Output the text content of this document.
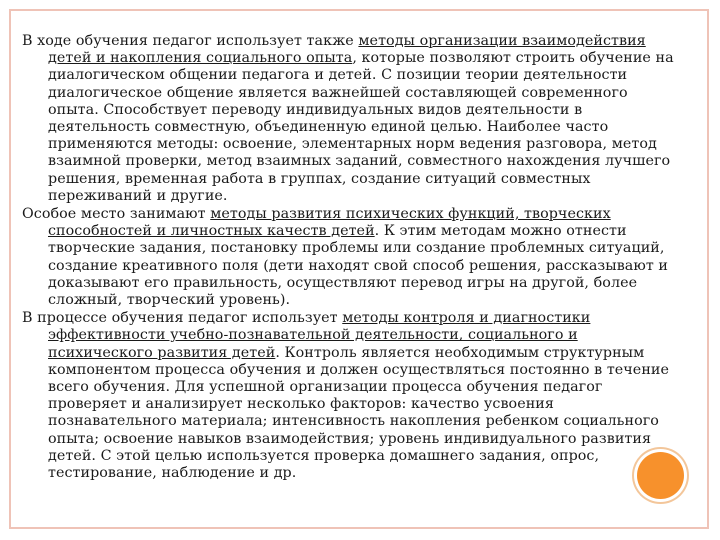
В ходе обучения педагог использует также методы организации взаимодействия детей и накопления социального опыта, которые позволяют строить обучение на диалогическом общении педагога и детей. С позиции теории деятельности диалогическое общение является важнейшей составляющей современного опыта. Способствует переводу индивидуальных видов деятельности в деятельность совместную, объединенную единой целью. Наиболее часто применяются методы: освоение, элементарных норм ведения разговора, метод взаимной проверки, метод взаимных заданий, совместного нахождения лучшего решения, временная работа в группах, создание ситуаций совместных переживаний и другие.

Особое место занимают методы развития психических функций, творческих способностей и личностных качеств детей. К этим методам можно отнести творческие задания, постановку проблемы или создание проблемных ситуаций, создание креативного поля (дети находят свой способ решения, рассказывают и доказывают его правильность, осуществляют перевод игры на другой, более сложный, творческий уровень).

В процессе обучения педагог использует методы контроля и диагностики эффективности учебно-познавательной деятельности, социального и психического развития детей. Контроль является необходимым структурным компонентом процесса обучения и должен осуществляться постоянно в течение всего обучения. Для успешной организации процесса обучения педагог проверяет и анализирует несколько факторов: качество усвоения познавательного материала; интенсивность накопления ребенком социального опыта; освоение навыков взаимодействия; уровень индивидуального развития детей. С этой целью используется проверка домашнего задания, опрос, тестирование, наблюдение и др.
